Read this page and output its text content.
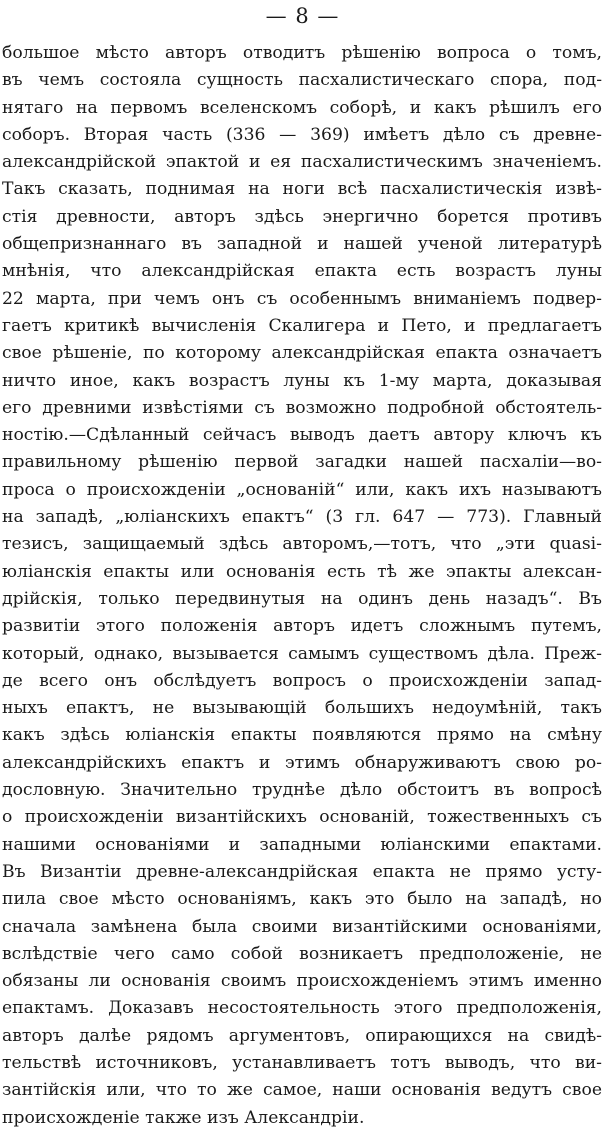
— 8 —
большое мѣсто авторъ отводитъ рѣшенію вопроса о томъ,
въ чемъ состояла сущность пасхалистическаго спора, под-
нятаго на первомъ вселенскомъ соборѣ, и какъ рѣшилъ его
соборъ. Вторая часть (336 — 369) имѣетъ дѣло съ древне-
александрійской эпактой и ея пасхалистическимъ значеніемъ.
Такъ сказать, поднимая на ноги всѣ пасхалистическія извѣ-
стія древности, авторъ здѣсь энергично борется противъ
общепризнаннаго въ западной и нашей ученой литературѣ
мнѣнія, что александрійская епакта есть возрастъ луны
22 марта, при чемъ онъ съ особеннымъ вниманіемъ подвер-
гаетъ критикѣ вычисленія Скалигера и Пето, и предлагаетъ
свое рѣшеніе, по которому александрійская епакта означаетъ
ничто иное, какъ возрастъ луны къ 1-му марта, доказывая
его древними извѣстіями съ возможно подробной обстоятель-
ностію.—Сдѣланный сейчасъ выводъ даетъ автору ключъ къ
правильному рѣшенію первой загадки нашей пасхаліи—во-
проса о происхожденіи „основаній“ или, какъ ихъ называютъ
на западѣ, „юліанскихъ епактъ“ (3 гл. 647 — 773). Главный
тезисъ, защищаемый здѣсь авторомъ,—тотъ, что „эти quasi-
юліанскія епакты или основанія есть тѣ же эпакты алексан-
дрійскія, только передвинутыя на одинъ день назадъ“. Въ
развитіи этого положенія авторъ идетъ сложнымъ путемъ,
который, однако, вызывается самымъ существомъ дѣла. Преж-
де всего онъ обслѣдуетъ вопросъ о происхожденіи запад-
ныхъ епактъ, не вызывающій большихъ недоумѣній, такъ
какъ здѣсь юліанскія епакты появляются прямо на смѣну
александрійскихъ епактъ и этимъ обнаруживаютъ свою ро-
дословную. Значительно труднѣе дѣло обстоитъ въ вопросѣ
о происхожденіи византійскихъ основаній, тожественныхъ съ
нашими основаніями и западными юліанскими епактами.
Въ Византіи древне-александрійская епакта не прямо усту-
пила свое мѣсто основаніямъ, какъ это было на западѣ, но
сначала замѣнена была своими византійскими основаніями,
вслѣдствіе чего само собой возникаетъ предположеніе, не
обязаны ли основанія своимъ происхожденіемъ этимъ именно
епактамъ. Доказавъ несостоятельность этого предположенія,
авторъ далѣе рядомъ аргументовъ, опирающихся на свидѣ-
тельствѣ источниковъ, устанавливаетъ тотъ выводъ, что ви-
зантійскія или, что то же самое, наши основанія ведутъ свое
происхожденіе также изъ Александріи.
